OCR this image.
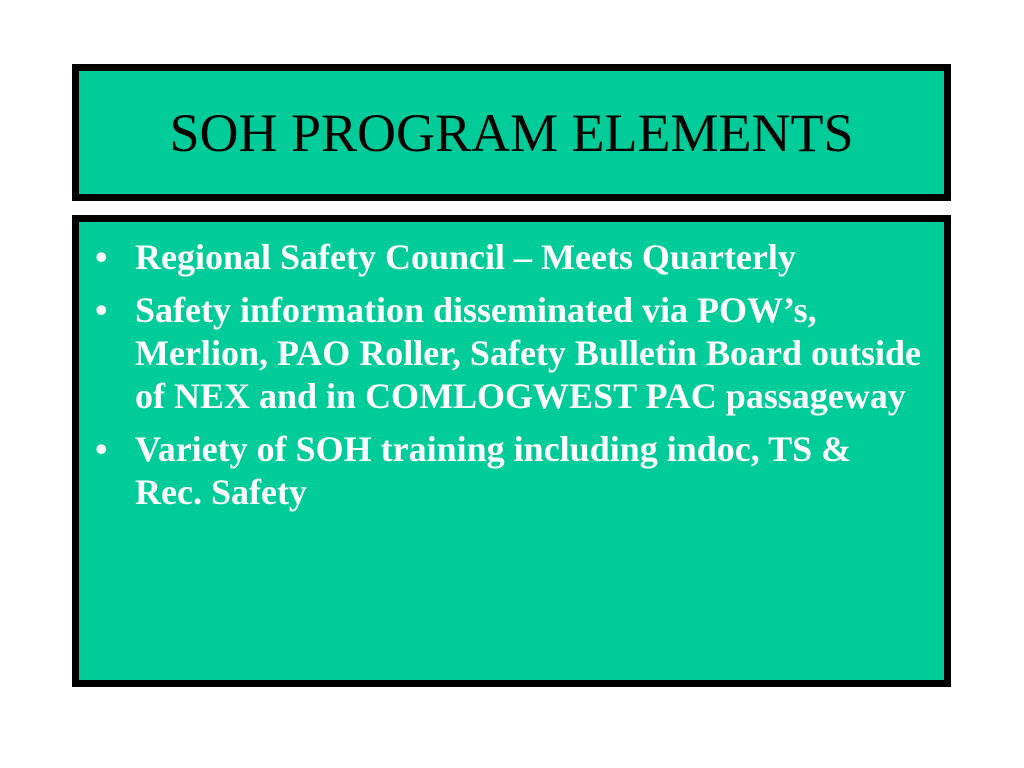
SOH PROGRAM ELEMENTS
• Regional Safety Council – Meets Quarterly
• Safety information disseminated via POW’s, Merlion, PAO Roller, Safety Bulletin Board outside of NEX and in COMLOGWEST PAC passageway
• Variety of SOH training including indoc, TS & Rec. Safety
